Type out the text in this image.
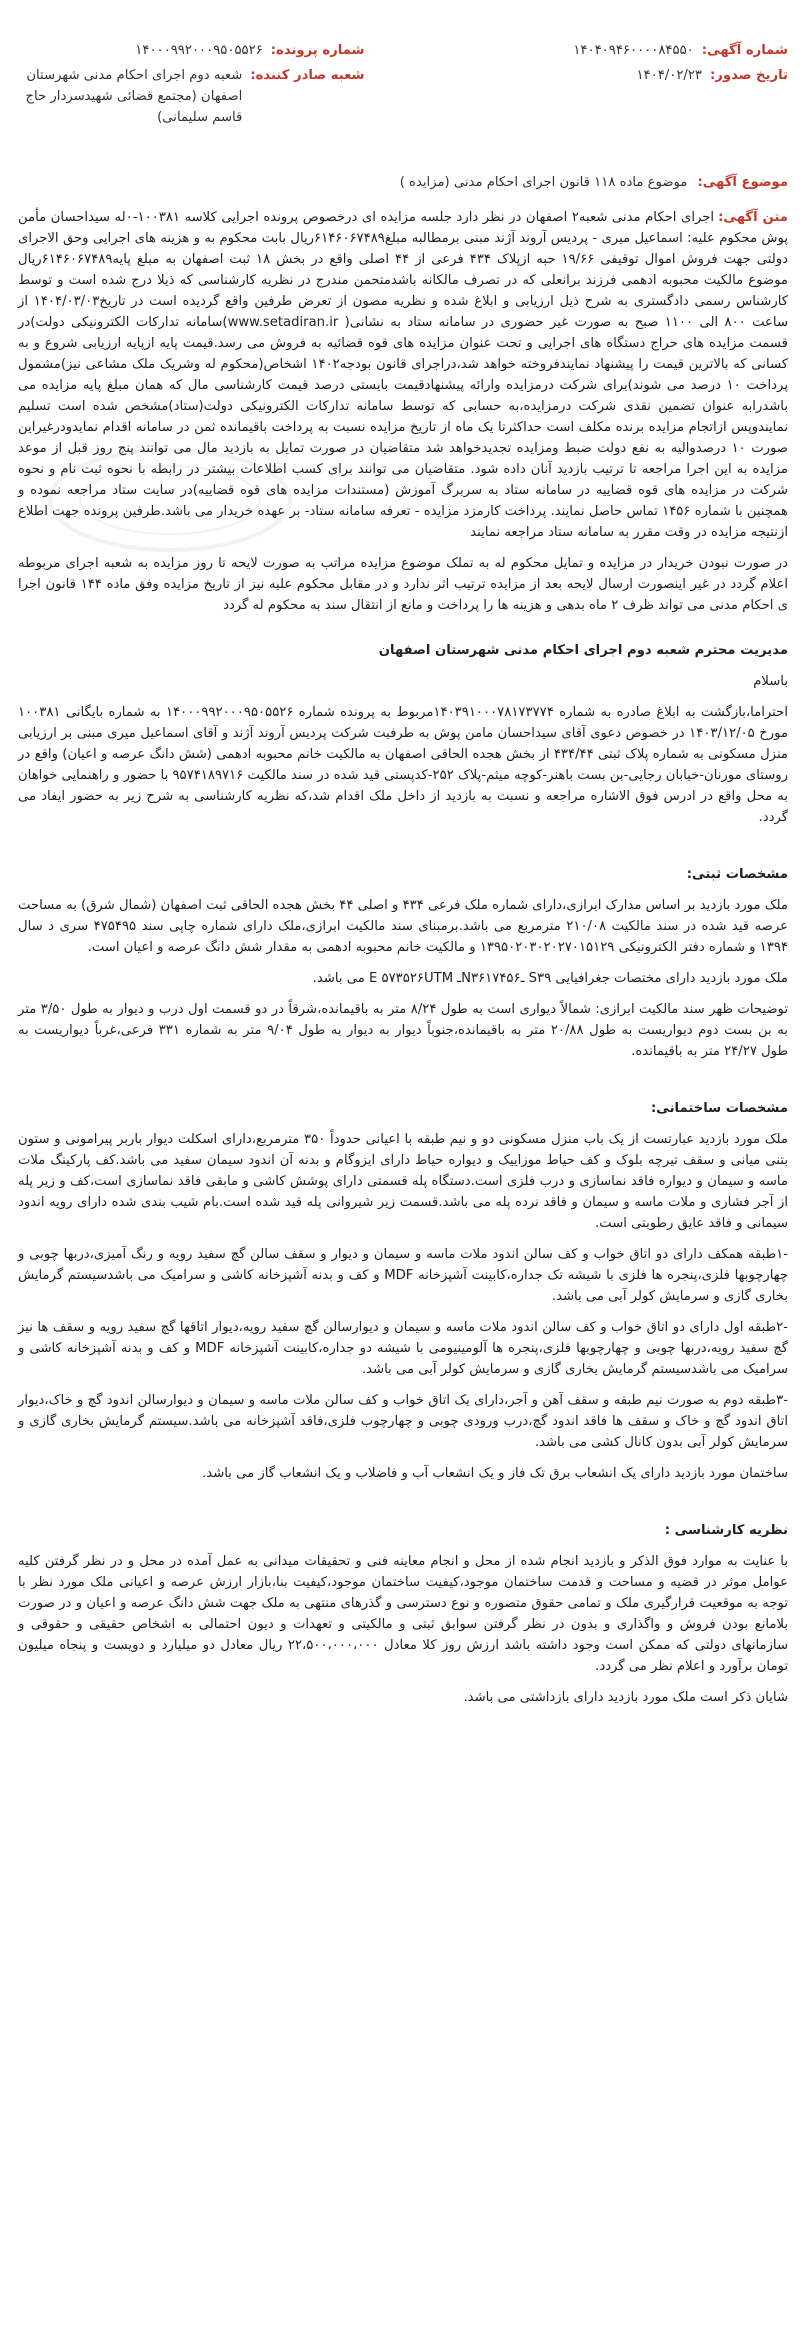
شماره آگهی:
۱۴۰۴۰۹۴۶۰۰۰۰۸۴۵۵۰
تاریخ صدور:
۱۴۰۴/۰۲/۲۳
شماره پرونده:
۱۴۰۰۰۹۹۲۰۰۰۹۵۰۵۵۲۶
شعبه صادر کننده:
شعبه دوم اجرای احکام مدنی شهرستان اصفهان (مجتمع قضائی شهیدسردار حاج قاسم سلیمانی)
موضوع آگهی:
موضوع ماده ۱۱۸ قانون اجرای احکام مدنی (مزایده )

متن آگهی:اجرای احکام مدنی شعبه۲ اصفهان در نظر دارد جلسه مزایده ای درخصوص پرونده اجرایی کلاسه ۱۰۰۳۸۱-۰له سیداحسان مأمن پوش محکوم علیه: اسماعیل میری - پردیس آروند آژند مبنی برمطالبه مبلغ۶۱۴۶۰۶۷۴۸۹ریال بابت محکوم به و هزینه های اجرایی وحق الاجرای دولتی جهت فروش اموال توقیفی ۱۹/۶۶ حبه ازپلاک ۴۳۴ فرعی از ۴۴ اصلی واقع در بخش ۱۸ ثبت اصفهان به مبلغ پایه۶۱۴۶۰۶۷۴۸۹ریال موضوع مالکیت محبوبه ادهمی فرزند برانعلی که در تصرف مالکانه باشدمتحمن مندرج در نظریه کارشناسی که ذیلا درج شده است و توسط کارشناس رسمی دادگستری به شرح ذیل ارزیابی و ابلاغ شده و نظریه مصون از تعرض طرفین واقع گردیده است در تاریخ۱۴۰۴/۰۳/۰۳ از ساعت ۸۰۰ الی ۱۱۰۰ صبح به صورت غیر حضوری در سامانه ستاد به نشانی( www.setadiran.ir)سامانه تدارکات الکترونیکی دولت)در قسمت مزایده های حراج دستگاه های اجرایی و تحت عنوان مزایده های قوه قضائیه به فروش می رسد.قیمت پایه ازپایه ارزیابی شروع و به کسانی که بالاترین قیمت را پیشنهاد نمایندفروخته خواهد شد،دراجرای قانون بودجه۱۴۰۲ اشخاص(محکوم له وشریک ملک مشاعی نیز)مشمول پرداخت ۱۰ درصد می شوند)برای شرکت درمزایده وارائه پیشنهادقیمت بایستی درصد قیمت کارشناسی مال که همان مبلغ پایه مزایده می باشدرابه عنوان تضمین نقدی شرکت درمزایده،به حسابی که توسط سامانه تدارکات الکترونیکی دولت(ستاد)مشخص شده است تسلیم نمایندوپس ازاتجام مزایده برنده مکلف است حداکثرتا یک ماه از تاریخ مزایده نسبت به پرداخت باقیمانده ثمن در سامانه اقدام نمایدودرغیراین صورت ۱۰ درصدوالیه به نفع دولت ضبط ومزایده تجدیدخواهد شد متقاضیان در صورت تمایل به بازدید مال می توانند پنج روز قبل از موعد مزایده به این اجرا مراجعه تا ترتیب بازدید آنان داده شود. متقاضیان می توانند برای کسب اطلاعات بیشتر در رابطه با نحوه ثبت نام و نحوه شرکت در مزایده های قوه قضاییه در سامانه ستاد به سربرگ آموزش (مستندات مزایده های قوه قضاییه)در سایت ستاد مراجعه نموده و همچنین با شماره ۱۴۵۶ تماس حاصل نمایند. پرداخت کارمزد مزایده - تعرفه سامانه ستاد- بر عهده خریدار می باشد.طرفین پرونده جهت اطلاع ازنتیجه مزایده در وقت مقرر به سامانه ستاد مراجعه نمایند

در صورت نبودن خریدار در مزایده و تمایل محکوم له به تملک موضوع مزایده مراتب به صورت لایحه تا روز مزایده به شعبه اجرای مربوطه اعلام گردد در غیر اینصورت ارسال لایحه بعد از مزایده ترتیب اثر ندارد و در مقابل محکوم علیه نیز از تاریخ مزایده وفق ماده ۱۴۴ قانون اجرا ی احکام مدنی می تواند ظرف ۲ ماه بدهی و هزینه ها را پرداخت و مانع از انتقال سند به محکوم له گردد

مدیریت محترم شعبه دوم اجرای احکام مدنی شهرستان اصفهان

باسلام

احتراما،بازگشت به ابلاغ صادره به شماره ۱۴۰۳۹۱۰۰۰۷۸۱۷۳۷۷۴مربوط به پرونده شماره ۱۴۰۰۰۹۹۲۰۰۰۹۵۰۵۵۲۶ به شماره بایگانی ۱۰۰۳۸۱ مورخ ۱۴۰۳/۱۲/۰۵ در خصوص دعوی آقای سیداحسان مامن پوش به طرفیت شرکت پردیس آروند آژند و آقای اسماعیل میری مبنی بر ارزیابی منزل مسکونی به شماره پلاک ثبتی ۴۳۴/۴۴ از بخش هجده الحاقی اصفهان به مالکیت خانم محبوبه ادهمی (شش دانگ عرصه و اعیان) واقع در روستای مورنان-خیابان رجایی-بن بست باهنر-کوچه میثم-پلاک ۲۵۲-کدپستی قید شده در سند مالکیت ۹۵۷۴۱۸۹۷۱۶ با حضور و راهنمایی خواهان به محل واقع در ادرس فوق الاشاره مراجعه و نسبت به بازدید از داخل ملک اقدام شد،که نظریه کارشناسی به شرح زیر به حضور ایفاد می گردد.

مشخصات ثبتی:

ملک مورد بازدید بر اساس مدارک ابرازی،دارای شماره ملک فرعی ۴۳۴ و اصلی ۴۴ بخش هجده الحاقی ثبت اصفهان (شمال شرق) به مساحت عرصه قید شده در سند مالکیت ۲۱۰/۰۸ مترمربع می باشد.برمبنای سند مالکیت ابرازی،ملک دارای شماره چاپی سند ۴۷۵۴۹۵ سری د سال ۱۳۹۴ و شماره دفتر الکترونیکی ۱۳۹۵۰۲۰۳۰۲۰۲۷۰۱۵۱۲۹ و مالکیت خانم محبوبه ادهمی به مقدار شش دانگ عرصه و اعیان است.

ملک مورد بازدید دارای مختصات جغرافیایی E ۵۷۳۵۲۶UTM ـN۳۶۱۷۴۵۶ـ S۳۹ می باشد.

توضیحات ظهر سند مالکیت ابرازی: شمالاً دیواری است به طول ۸/۲۴ متر به باقیمانده،شرقاً در دو قسمت اول درب و دیوار به طول ۳/۵۰ متر به بن بست دوم دیواریست به طول ۲۰/۸۸ متر به باقیمانده،جنوباً دیوار به دیوار به طول ۹/۰۴ متر به شماره ۳۳۱ فرعی،غرباً دیواریست به طول ۲۴/۲۷ متر به باقیمانده.

مشخصات ساختمانی:

ملک مورد بازدید عبارتست از یک باب منزل مسکونی دو و نیم طبقه با اعیانی حدوداً ۳۵۰ مترمربع،دارای اسکلت دیوار باربر پیرامونی و ستون بتنی میانی و سقف تیرچه بلوک و کف حیاط موزاییک و دیواره حیاط دارای ایزوگام و بدنه آن اندود سیمان سفید می باشد.کف پارکینگ ملات ماسه و سیمان و دیواره فاقد نماسازی و درب فلزی است.دستگاه پله قسمتی دارای پوشش کاشی و مابقی فاقد نماسازی است،کف و زیر پله از آجر فشاری و ملات ماسه و سیمان و فاقد نرده پله می باشد.قسمت زیر شیروانی پله قید شده است.بام شیب بندی شده دارای رویه اندود سیمانی و فاقد عایق رطوبتی است.

-۱طبقه همکف دارای دو اتاق خواب و کف سالن اندود ملات ماسه و سیمان و دیوار و سقف سالن گچ سفید رویه و رنگ آمیزی،دربها چوبی و چهارچوبها فلزی،پنجره ها فلزی با شیشه تک جداره،کابینت آشپزخانه MDF و کف و بدنه آشپزخانه کاشی و سرامیک می باشدسیستم گرمایش بخاری گازی و سرمایش کولر آبی می باشد.

-۲طبقه اول دارای دو اتاق خواب و کف سالن اندود ملات ماسه و سیمان و دیوارسالن گچ سفید رویه،دیوار اتاقها گچ سفید رویه و سقف ها نیز گچ سفید رویه،دربها چوبی و چهارچوبها فلزی،پنجره ها آلومینیومی با شیشه دو جداره،کابینت آشپزخانه MDF و کف و بدنه آشپزخانه کاشی و سرامیک می باشدسیستم گرمایش بخاری گازی و سرمایش کولر آبی می باشد.

-۳طبقه دوم به صورت نیم طبقه و سقف آهن و آجر،دارای یک اتاق خواب و کف سالن ملات ماسه و سیمان و دیوارسالن اندود گچ و خاک،دیوار اتاق اندود گچ و خاک و سقف ها فاقد اندود گچ،درب ورودی چوبی و چهارچوب فلزی،فاقد آشپزخانه می باشد.سیستم گرمایش بخاری گازی و سرمایش کولر آبی بدون کانال کشی می باشد.

ساختمان مورد بازدید دارای یک انشعاب برق تک فاز و یک انشعاب آب و فاضلاب و یک انشعاب گاز می باشد.

نظریه کارشناسی :

با عنایت به موارد فوق الذکر و بازدید انجام شده از محل و انجام معاینه فنی و تحقیقات میدانی به عمل آمده در محل و در نظر گرفتن کلیه عوامل موثر در قضیه و مساحت و قدمت ساختمان موجود،کیفیت ساختمان موجود،کیفیت بنا،بازار ارزش عرصه و اعیانی ملک مورد نظر با توجه به موقعیت قرارگیری ملک و تمامی حقوق متصوره و نوع دسترسی و گذرهای منتهی به ملک جهت شش دانگ عرصه و اعیان و در صورت بلامانع بودن فروش و واگذاری و بدون در نظر گرفتن سوابق ثبتی و مالکیتی و تعهدات و دیون احتمالی به اشخاص حقیقی و حقوقی و سازمانهای دولتی که ممکن است وجود داشته باشد ارزش روز کلا معادل ۲۲،۵۰۰،۰۰۰،۰۰۰ ریال معادل دو میلیارد و دویست و پنجاه میلیون تومان برآورد و اعلام نظر می گردد.

شایان ذکر است ملک مورد بازدید دارای بازداشتی می باشد.
